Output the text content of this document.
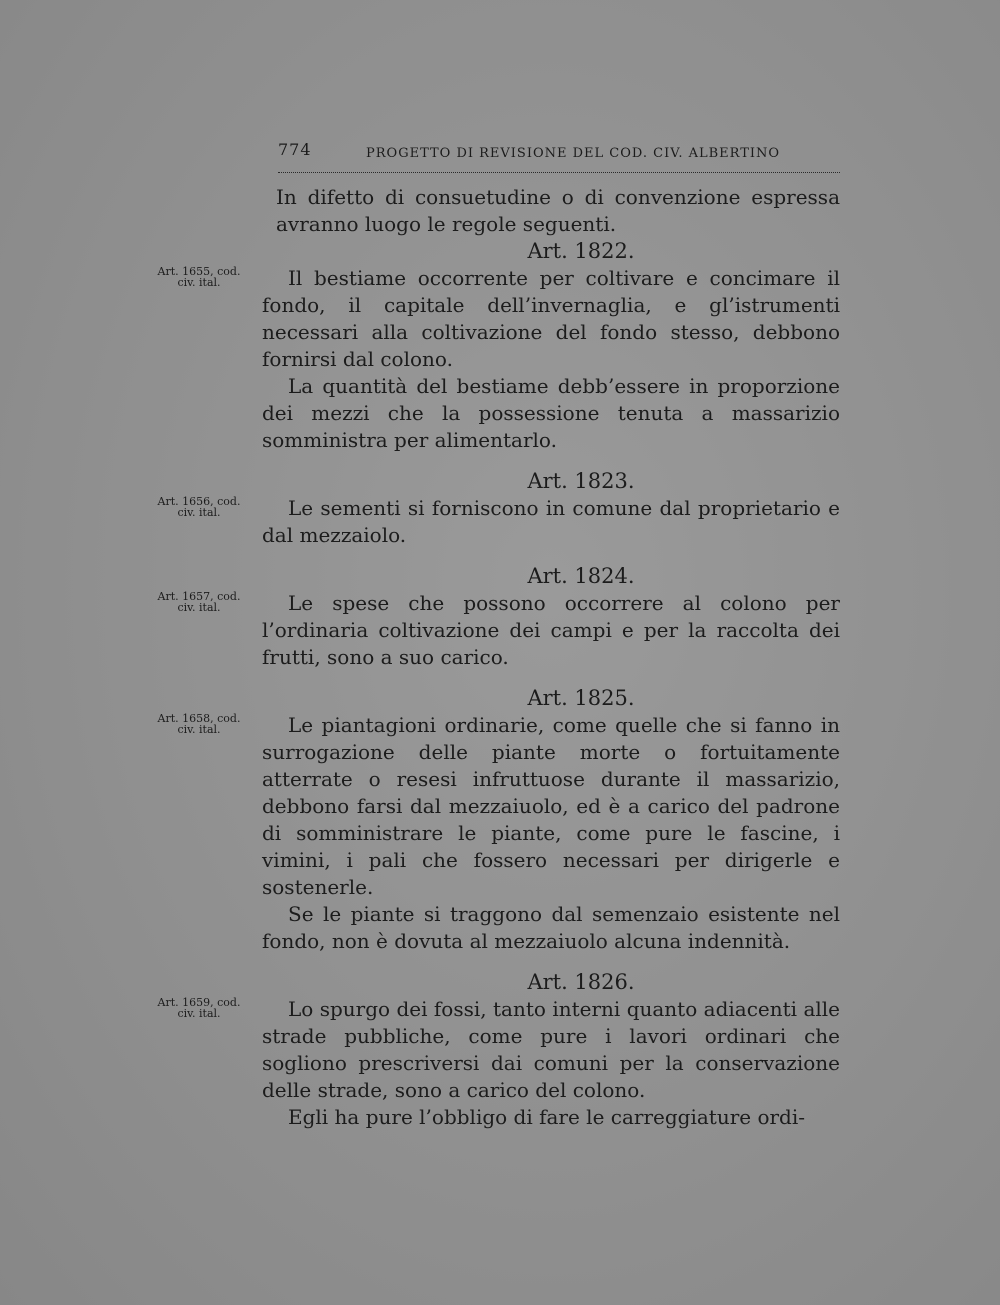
774	PROGETTO DI REVISIONE DEL COD. CIV. ALBERTINO

In difetto di consuetudine o di convenzione espressa avranno luogo le regole seguenti.

Art. 1655, cod.
civ. ital.

Art. 1822.

Il bestiame occorrente per coltivare e concimare il fondo, il capitale dell’invernaglia, e gl’istrumenti necessari alla coltivazione del fondo stesso, debbono fornirsi dal colono.

La quantità del bestiame debb’essere in proporzione dei mezzi che la possessione tenuta a massarizio somministra per alimentarlo.

Art. 1656, cod.
civ. ital.

Art. 1823.

Le sementi si forniscono in comune dal proprietario e dal mezzaiolo.

Art. 1657, cod.
civ. ital.

Art. 1824.

Le spese che possono occorrere al colono per l’ordinaria coltivazione dei campi e per la raccolta dei frutti, sono a suo carico.

Art. 1658, cod.
civ. ital.

Art. 1825.

Le piantagioni ordinarie, come quelle che si fanno in surrogazione delle piante morte o fortuitamente atterrate o resesi infruttuose durante il massarizio, debbono farsi dal mezzaiuolo, ed è a carico del padrone di somministrare le piante, come pure le fascine, i vimini, i pali che fossero necessari per dirigerle e sostenerle.

Se le piante si traggono dal semenzaio esistente nel fondo, non è dovuta al mezzaiuolo alcuna indennità.

Art. 1659, cod.
civ. ital.

Art. 1826.

Lo spurgo dei fossi, tanto interni quanto adiacenti alle strade pubbliche, come pure i lavori ordinari che sogliono prescriversi dai comuni per la conservazione delle strade, sono a carico del colono.

Egli ha pure l’obbligo di fare le carreggiature ordi-
